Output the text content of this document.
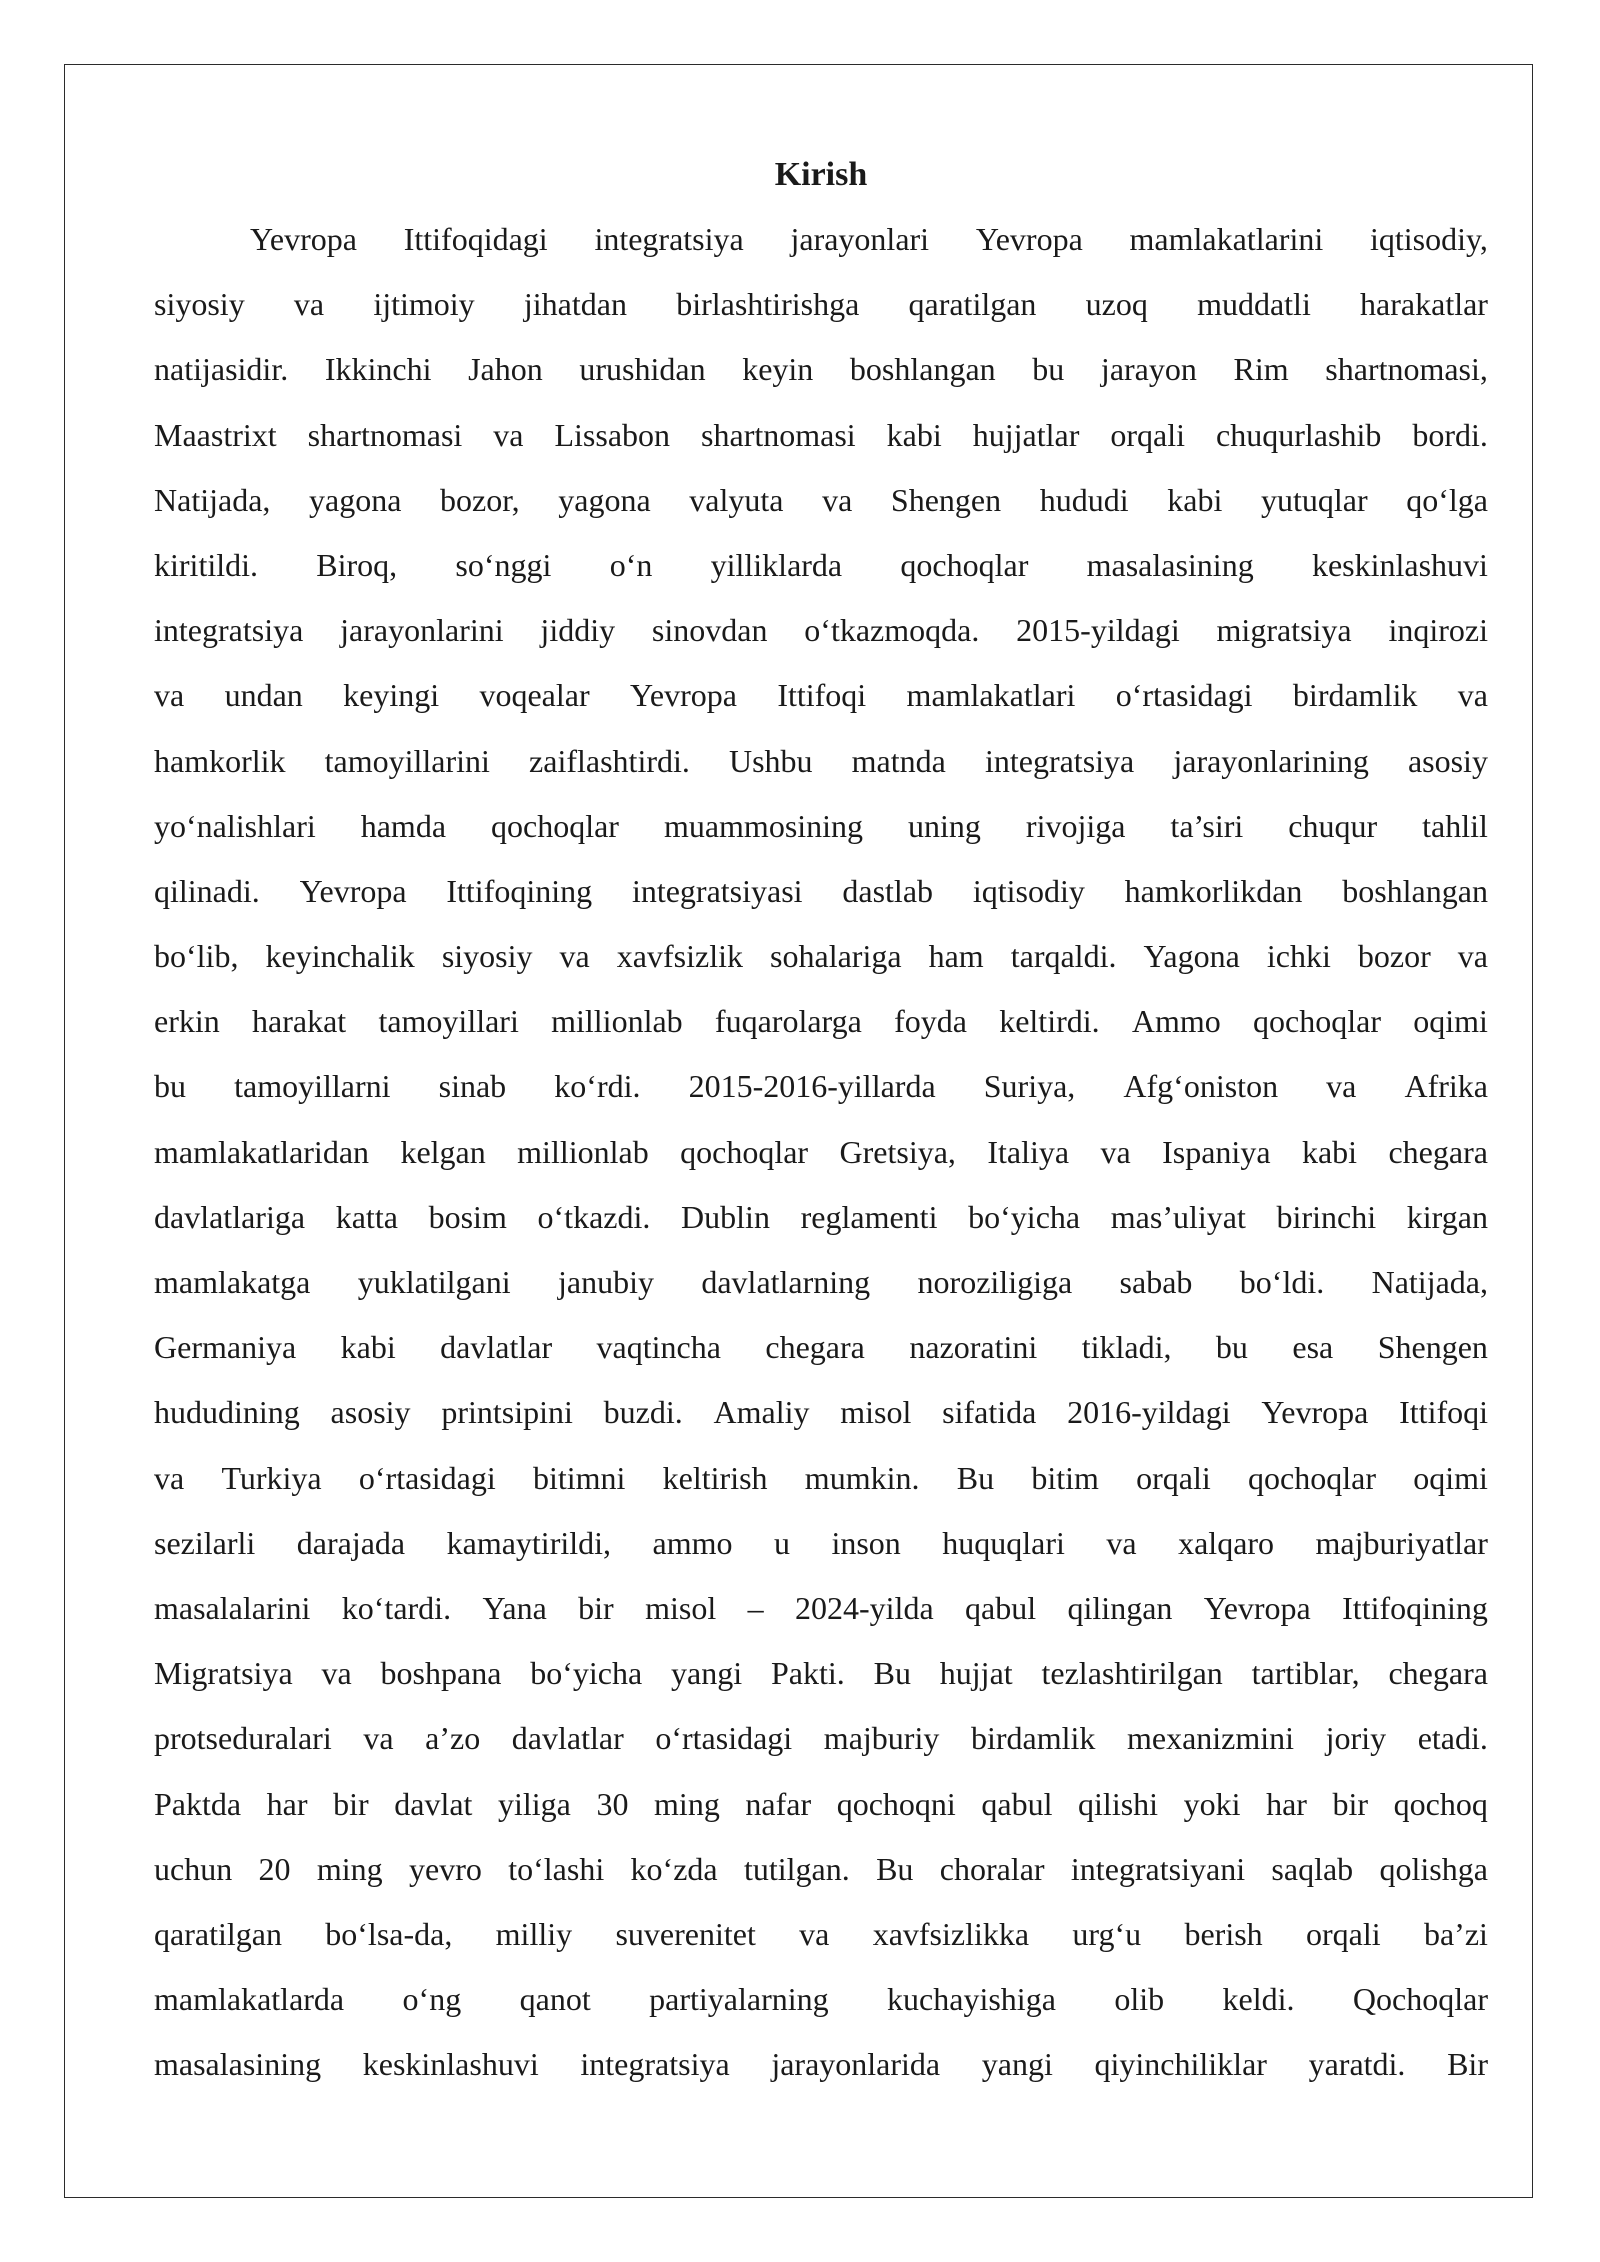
Kirish
Yevropa Ittifoqidagi integratsiya jarayonlari Yevropa mamlakatlarini iqtisodiy,
siyosiy va ijtimoiy jihatdan birlashtirishga qaratilgan uzoq muddatli harakatlar
natijasidir. Ikkinchi Jahon urushidan keyin boshlangan bu jarayon Rim shartnomasi,
Maastrixt shartnomasi va Lissabon shartnomasi kabi hujjatlar orqali chuqurlashib bordi.
Natijada, yagona bozor, yagona valyuta va Shengen hududi kabi yutuqlar qo‘lga
kiritildi. Biroq, so‘nggi o‘n yilliklarda qochoqlar masalasining keskinlashuvi
integratsiya jarayonlarini jiddiy sinovdan o‘tkazmoqda. 2015-yildagi migratsiya inqirozi
va undan keyingi voqealar Yevropa Ittifoqi mamlakatlari o‘rtasidagi birdamlik va
hamkorlik tamoyillarini zaiflashtirdi. Ushbu matnda integratsiya jarayonlarining asosiy
yo‘nalishlari hamda qochoqlar muammosining uning rivojiga ta’siri chuqur tahlil
qilinadi. Yevropa Ittifoqining integratsiyasi dastlab iqtisodiy hamkorlikdan boshlangan
bo‘lib, keyinchalik siyosiy va xavfsizlik sohalariga ham tarqaldi. Yagona ichki bozor va
erkin harakat tamoyillari millionlab fuqarolarga foyda keltirdi. Ammo qochoqlar oqimi
bu tamoyillarni sinab ko‘rdi. 2015-2016-yillarda Suriya, Afg‘oniston va Afrika
mamlakatlaridan kelgan millionlab qochoqlar Gretsiya, Italiya va Ispaniya kabi chegara
davlatlariga katta bosim o‘tkazdi. Dublin reglamenti bo‘yicha mas’uliyat birinchi kirgan
mamlakatga yuklatilgani janubiy davlatlarning noroziligiga sabab bo‘ldi. Natijada,
Germaniya kabi davlatlar vaqtincha chegara nazoratini tikladi, bu esa Shengen
hududining asosiy printsipini buzdi. Amaliy misol sifatida 2016-yildagi Yevropa Ittifoqi
va Turkiya o‘rtasidagi bitimni keltirish mumkin. Bu bitim orqali qochoqlar oqimi
sezilarli darajada kamaytirildi, ammo u inson huquqlari va xalqaro majburiyatlar
masalalarini ko‘tardi. Yana bir misol – 2024-yilda qabul qilingan Yevropa Ittifoqining
Migratsiya va boshpana bo‘yicha yangi Pakti. Bu hujjat tezlashtirilgan tartiblar, chegara
protseduralari va a’zo davlatlar o‘rtasidagi majburiy birdamlik mexanizmini joriy etadi.
Paktda har bir davlat yiliga 30 ming nafar qochoqni qabul qilishi yoki har bir qochoq
uchun 20 ming yevro to‘lashi ko‘zda tutilgan. Bu choralar integratsiyani saqlab qolishga
qaratilgan bo‘lsa-da, milliy suverenitet va xavfsizlikka urg‘u berish orqali ba’zi
mamlakatlarda o‘ng qanot partiyalarning kuchayishiga olib keldi. Qochoqlar
masalasining keskinlashuvi integratsiya jarayonlarida yangi qiyinchiliklar yaratdi. Bir
